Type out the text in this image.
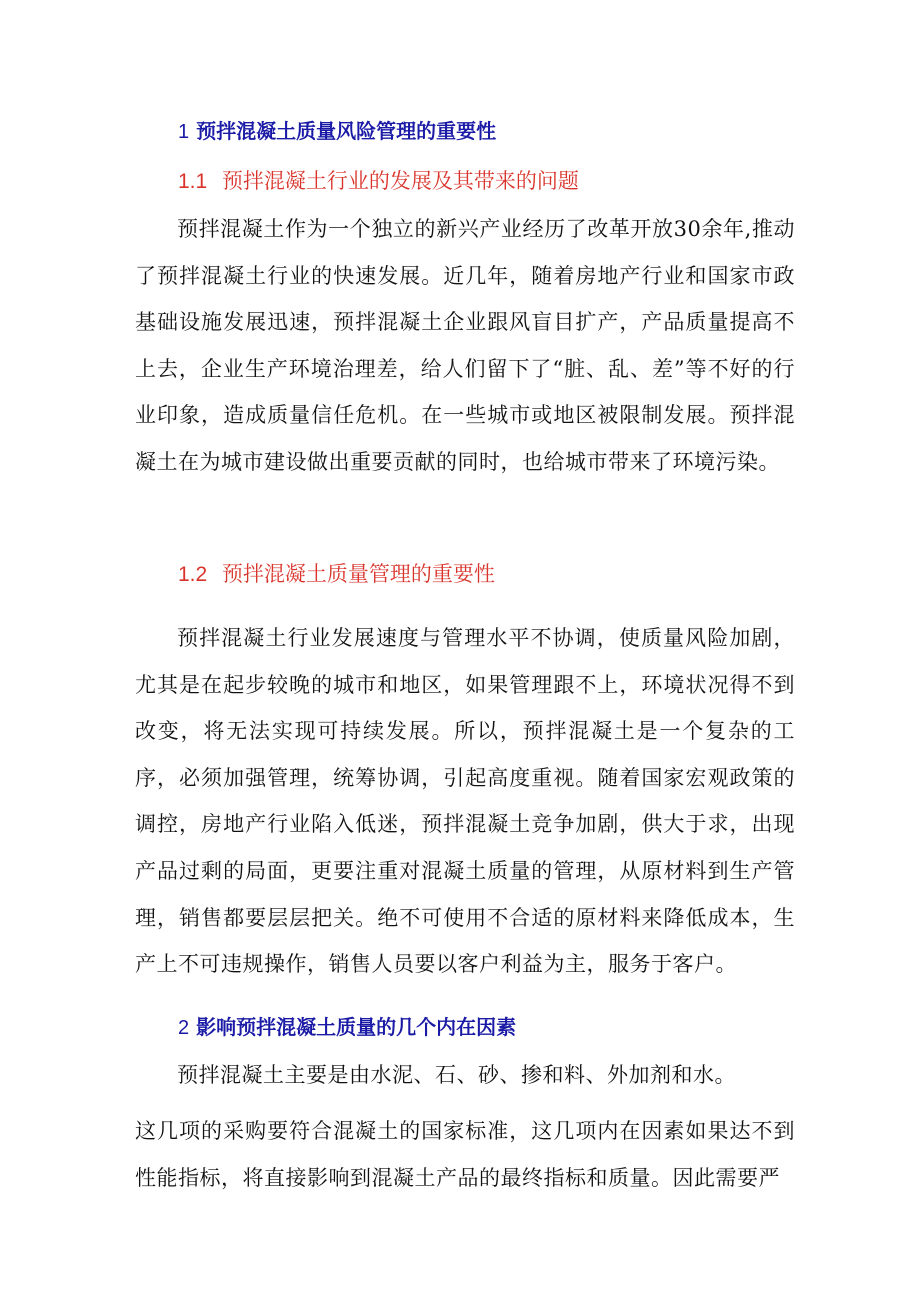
1 预拌混凝土质量风险管理的重要性
1.1 预拌混凝土行业的发展及其带来的问题

预拌混凝土作为一个独立的新兴产业经历了改革开放30余年,推动了预拌混凝土行业的快速发展。近几年，随着房地产行业和国家市政基础设施发展迅速，预拌混凝土企业跟风盲目扩产，产品质量提高不上去，企业生产环境治理差，给人们留下了“脏、乱、差”等不好的行业印象，造成质量信任危机。在一些城市或地区被限制发展。预拌混凝土在为城市建设做出重要贡献的同时，也给城市带来了环境污染。

1.2 预拌混凝土质量管理的重要性

预拌混凝土行业发展速度与管理水平不协调，使质量风险加剧，尤其是在起步较晚的城市和地区，如果管理跟不上，环境状况得不到改变，将无法实现可持续发展。所以，预拌混凝土是一个复杂的工序，必须加强管理，统筹协调，引起高度重视。随着国家宏观政策的调控，房地产行业陷入低迷，预拌混凝土竞争加剧，供大于求，出现产品过剩的局面，更要注重对混凝土质量的管理，从原材料到生产管理，销售都要层层把关。绝不可使用不合适的原材料来降低成本，生产上不可违规操作，销售人员要以客户利益为主，服务于客户。

2 影响预拌混凝土质量的几个内在因素

预拌混凝土主要是由水泥、石、砂、掺和料、外加剂和水。

这几项的采购要符合混凝土的国家标准，这几项内在因素如果达不到性能指标，将直接影响到混凝土产品的最终指标和质量。因此需要严
